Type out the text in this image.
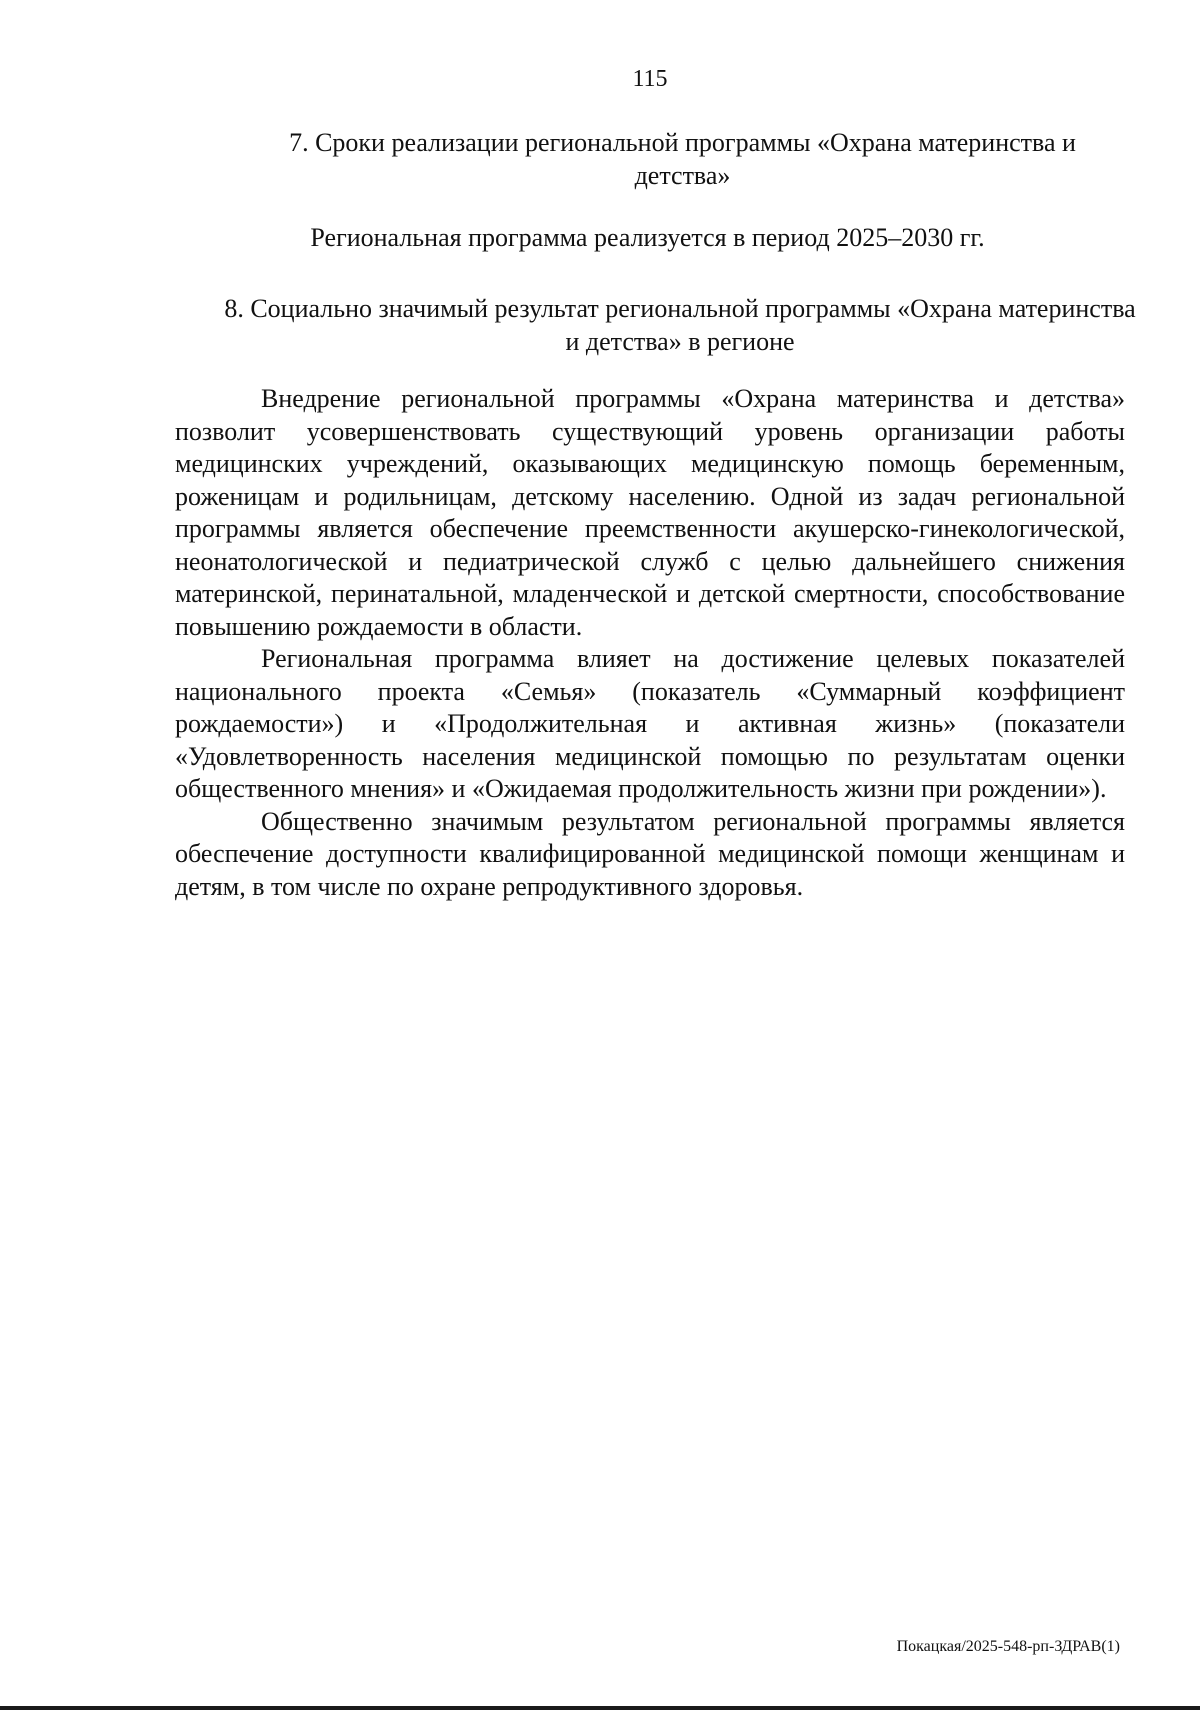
115
7. Сроки реализации региональной программы «Охрана материнства и детства»
Региональная программа реализуется в период 2025–2030 гг.
8. Социально значимый результат региональной программы «Охрана материнства и детства» в регионе

Внедрение региональной программы «Охрана материнства и детства» позволит усовершенствовать существующий уровень организации работы медицинских учреждений, оказывающих медицинскую помощь беременным, роженицам и родильницам, детскому населению. Одной из задач региональной программы является обеспечение преемственности акушерско-гинекологической, неонатологической и педиатрической служб с целью дальнейшего снижения материнской, перинатальной, младенческой и детской смертности, способствование повышению рождаемости в области.

Региональная программа влияет на достижение целевых показателей национального проекта «Семья» (показатель «Суммарный коэффициент рождаемости») и «Продолжительная и активная жизнь» (показатели «Удовлетворенность населения медицинской помощью по результатам оценки общественного мнения» и «Ожидаемая продолжительность жизни при рождении»).

Общественно значимым результатом региональной программы является обеспечение доступности квалифицированной медицинской помощи женщинам и детям, в том числе по охране репродуктивного здоровья.

Покацкая/2025-548-рп-ЗДРАВ(1)
